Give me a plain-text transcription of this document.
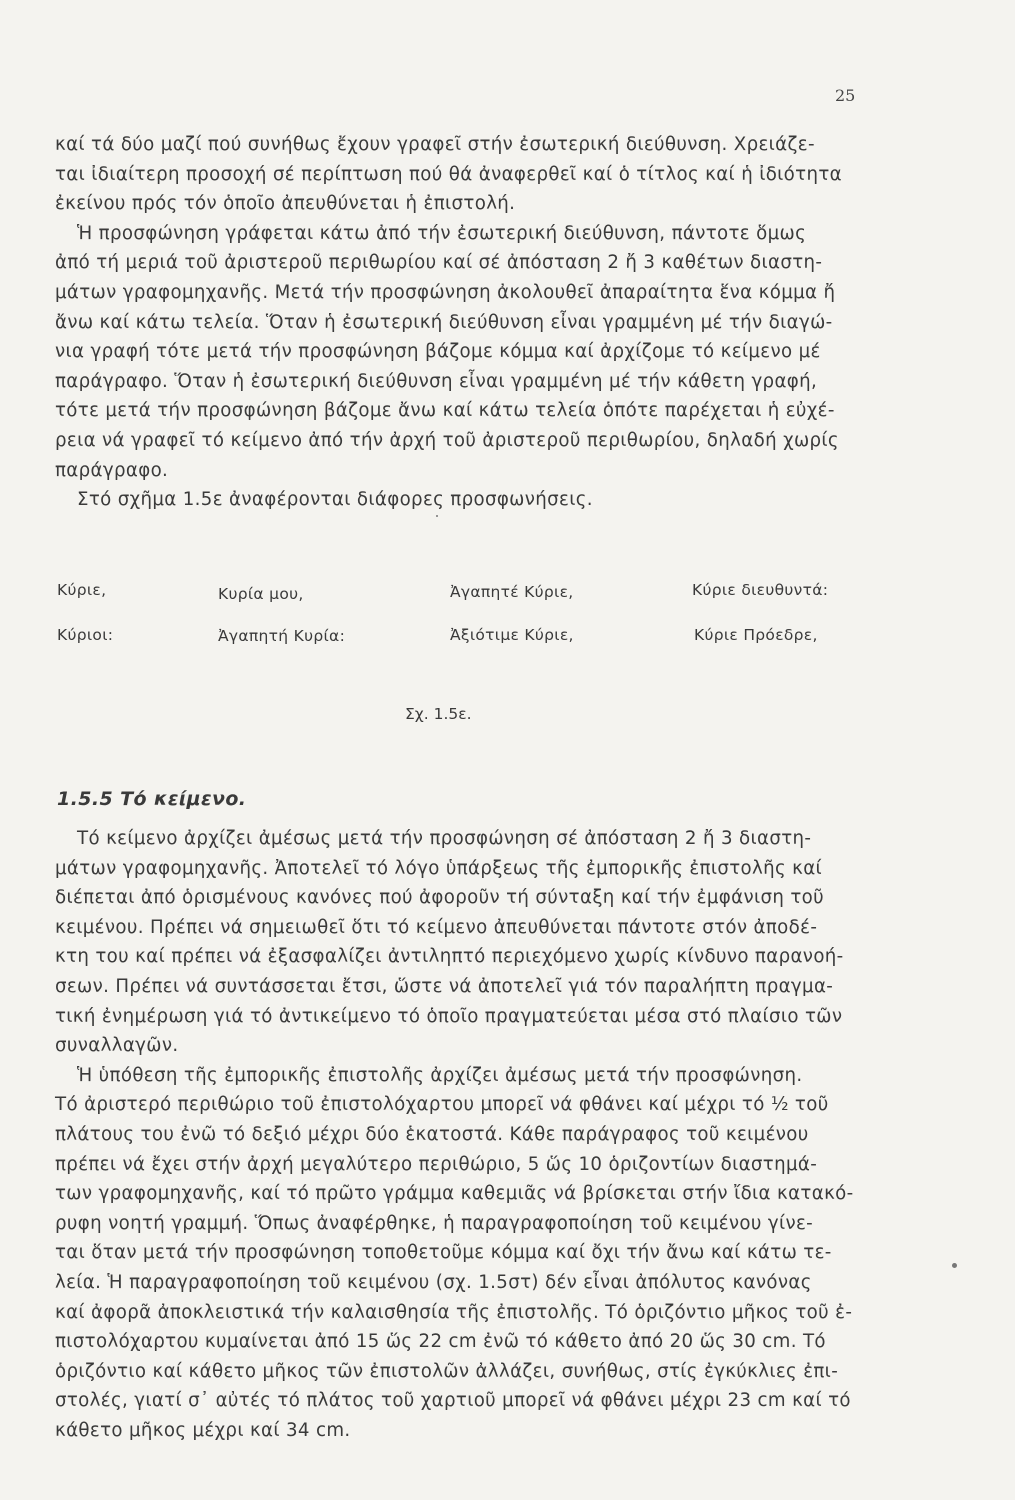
25

καί τά δύο μαζί πού συνήθως ἔχουν γραφεῖ στήν ἐσωτερική διεύθυνση. Χρειάζε-

ται ἰδιαίτερη προσοχή σέ περίπτωση πού θά ἀναφερθεῖ καί ὁ τίτλος καί ἡ ἰδιότητα

ἐκείνου πρός τόν ὁποῖο ἀπευθύνεται ἡ ἐπιστολή.

Ἡ προσφώνηση γράφεται κάτω ἀπό τήν ἐσωτερική διεύθυνση, πάντοτε ὅμως

ἀπό τή μεριά τοῦ ἀριστεροῦ περιθωρίου καί σέ ἀπόσταση 2 ἤ 3 καθέτων διαστη-

μάτων γραφομηχανῆς. Μετά τήν προσφώνηση ἀκολουθεῖ ἀπαραίτητα ἕνα κόμμα ἤ

ἄνω καί κάτω τελεία. Ὅταν ἡ ἐσωτερική διεύθυνση εἶναι γραμμένη μέ τήν διαγώ-

νια γραφή τότε μετά τήν προσφώνηση βάζομε κόμμα καί ἀρχίζομε τό κείμενο μέ

παράγραφο. Ὅταν ἡ ἐσωτερική διεύθυνση εἶναι γραμμένη μέ τήν κάθετη γραφή,

τότε μετά τήν προσφώνηση βάζομε ἄνω καί κάτω τελεία ὁπότε παρέχεται ἡ εὐχέ-

ρεια νά γραφεῖ τό κείμενο ἀπό τήν ἀρχή τοῦ ἀριστεροῦ περιθωρίου, δηλαδή χωρίς

παράγραφο.

Στό σχῆμα 1.5ε ἀναφέρονται διάφορες προσφωνήσεις.

Κύριε,	Κυρία μου,	Ἀγαπητέ Κύριε,	Κύριε διευθυντά:
Κύριοι:	Ἀγαπητή Κυρία:	Ἀξιότιμε Κύριε,	Κύριε Πρόεδρε,
Σχ. 1.5ε.
1.5.5 Τό κείμενο.

Τό κείμενο ἀρχίζει ἀμέσως μετά τήν προσφώνηση σέ ἀπόσταση 2 ἤ 3 διαστη-

μάτων γραφομηχανῆς. Ἀποτελεῖ τό λόγο ὑπάρξεως τῆς ἐμπορικῆς ἐπιστολῆς καί

διέπεται ἀπό ὁρισμένους κανόνες πού ἀφοροῦν τή σύνταξη καί τήν ἐμφάνιση τοῦ

κειμένου. Πρέπει νά σημειωθεῖ ὅτι τό κείμενο ἀπευθύνεται πάντοτε στόν ἀποδέ-

κτη του καί πρέπει νά ἐξασφαλίζει ἀντιληπτό περιεχόμενο χωρίς κίνδυνο παρανοή-

σεων. Πρέπει νά συντάσσεται ἔτσι, ὥστε νά ἀποτελεῖ γιά τόν παραλήπτη πραγμα-

τική ἐνημέρωση γιά τό ἀντικείμενο τό ὁποῖο πραγματεύεται μέσα στό πλαίσιο τῶν

συναλλαγῶν.

Ἡ ὑπόθεση τῆς ἐμπορικῆς ἐπιστολῆς ἀρχίζει ἀμέσως μετά τήν προσφώνηση.

Τό ἀριστερό περιθώριο τοῦ ἐπιστολόχαρτου μπορεῖ νά φθάνει καί μέχρι τό ½ τοῦ

πλάτους του ἐνῶ τό δεξιό μέχρι δύο ἑκατοστά. Κάθε παράγραφος τοῦ κειμένου

πρέπει νά ἔχει στήν ἀρχή μεγαλύτερο περιθώριο, 5 ὥς 10 ὁριζοντίων διαστημά-

των γραφομηχανῆς, καί τό πρῶτο γράμμα καθεμιᾶς νά βρίσκεται στήν ἴδια κατακό-

ρυφη νοητή γραμμή. Ὅπως ἀναφέρθηκε, ἡ παραγραφοποίηση τοῦ κειμένου γίνε-

ται ὅταν μετά τήν προσφώνηση τοποθετοῦμε κόμμα καί ὄχι τήν ἄνω καί κάτω τε-

λεία. Ἡ παραγραφοποίηση τοῦ κειμένου (σχ. 1.5στ) δέν εἶναι ἀπόλυτος κανόνας

καί ἀφορᾶ ἀποκλειστικά τήν καλαισθησία τῆς ἐπιστολῆς. Τό ὁριζόντιο μῆκος τοῦ ἐ-

πιστολόχαρτου κυμαίνεται ἀπό 15 ὥς 22 cm ἐνῶ τό κάθετο ἀπό 20 ὥς 30 cm. Τό

ὁριζόντιο καί κάθετο μῆκος τῶν ἐπιστολῶν ἀλλάζει, συνήθως, στίς ἐγκύκλιες ἐπι-

στολές, γιατί σ᾽ αὐτές τό πλάτος τοῦ χαρτιοῦ μπορεῖ νά φθάνει μέχρι 23 cm καί τό

κάθετο μῆκος μέχρι καί 34 cm.
